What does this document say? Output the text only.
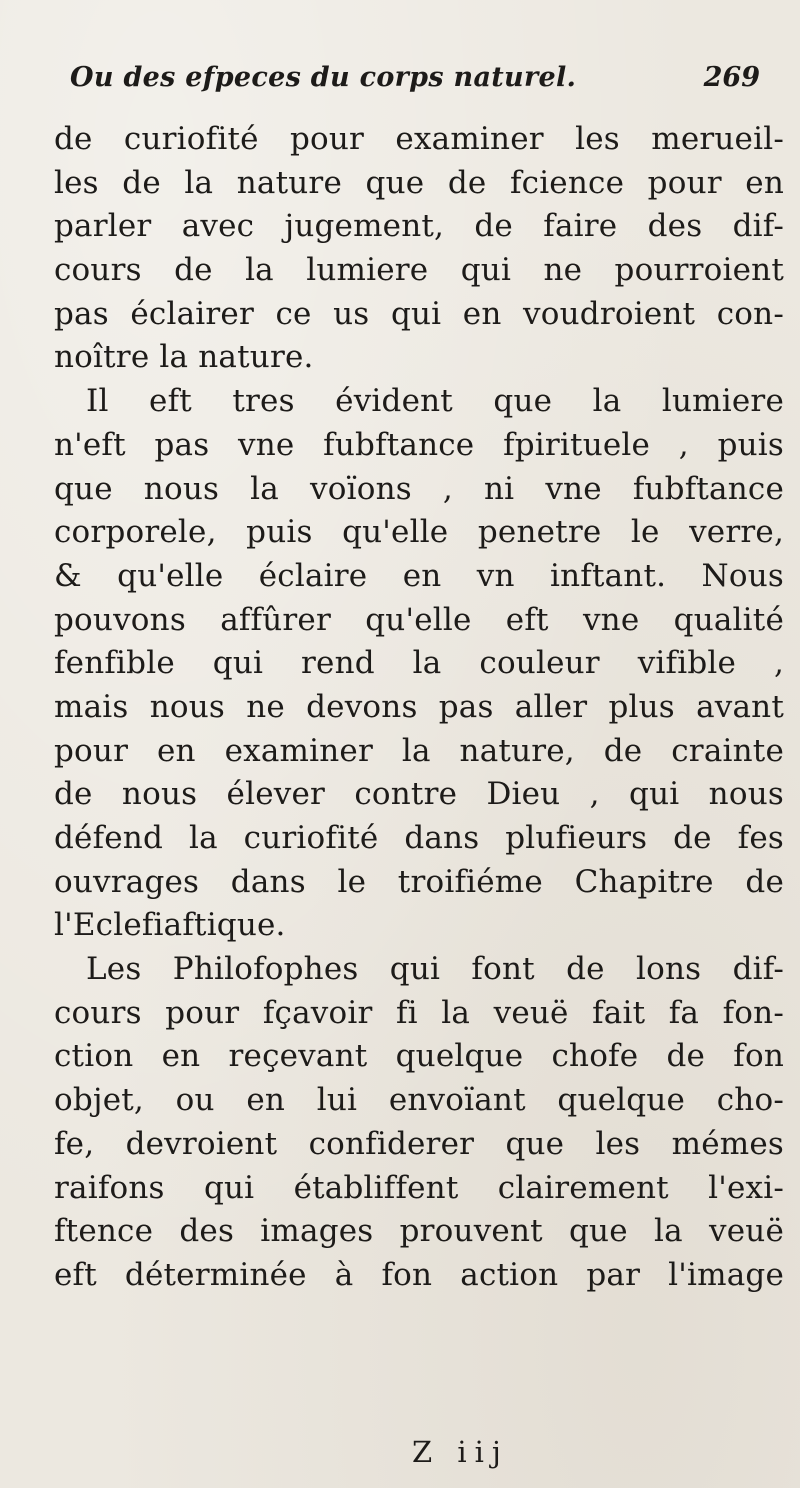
Ou des efpeces du corps naturel.	269
de curiofité pour examiner les merueil-
les de la nature que de fcience pour en
parler avec jugement, de faire des dif-
cours de la lumiere qui ne pourroient
pas éclairer ce us qui en voudroient con-
noître la nature.
Il eft tres évident que la lumiere
n'eft pas vne fubftance fpirituele , puis
que nous la voïons , ni vne fubftance
corporele, puis qu'elle penetre le verre,
& qu'elle éclaire en vn inftant. Nous
pouvons affûrer qu'elle eft vne qualité
fenfible qui rend la couleur vifible ,
mais nous ne devons pas aller plus avant
pour en examiner la nature, de crainte
de nous élever contre Dieu , qui nous
défend la curiofité dans plufieurs de fes
ouvrages dans le troifiéme Chapitre de
l'Eclefiaftique.
Les Philofophes qui font de lons dif-
cours pour fçavoir fi la veuë fait fa fon-
ction en reçevant quelque chofe de fon
objet, ou en lui envoïant quelque cho-
fe, devroient confiderer que les mémes
raifons qui établiffent clairement l'exi-
ftence des images prouvent que la veuë
eft déterminée à fon action par l'image
Z iij
